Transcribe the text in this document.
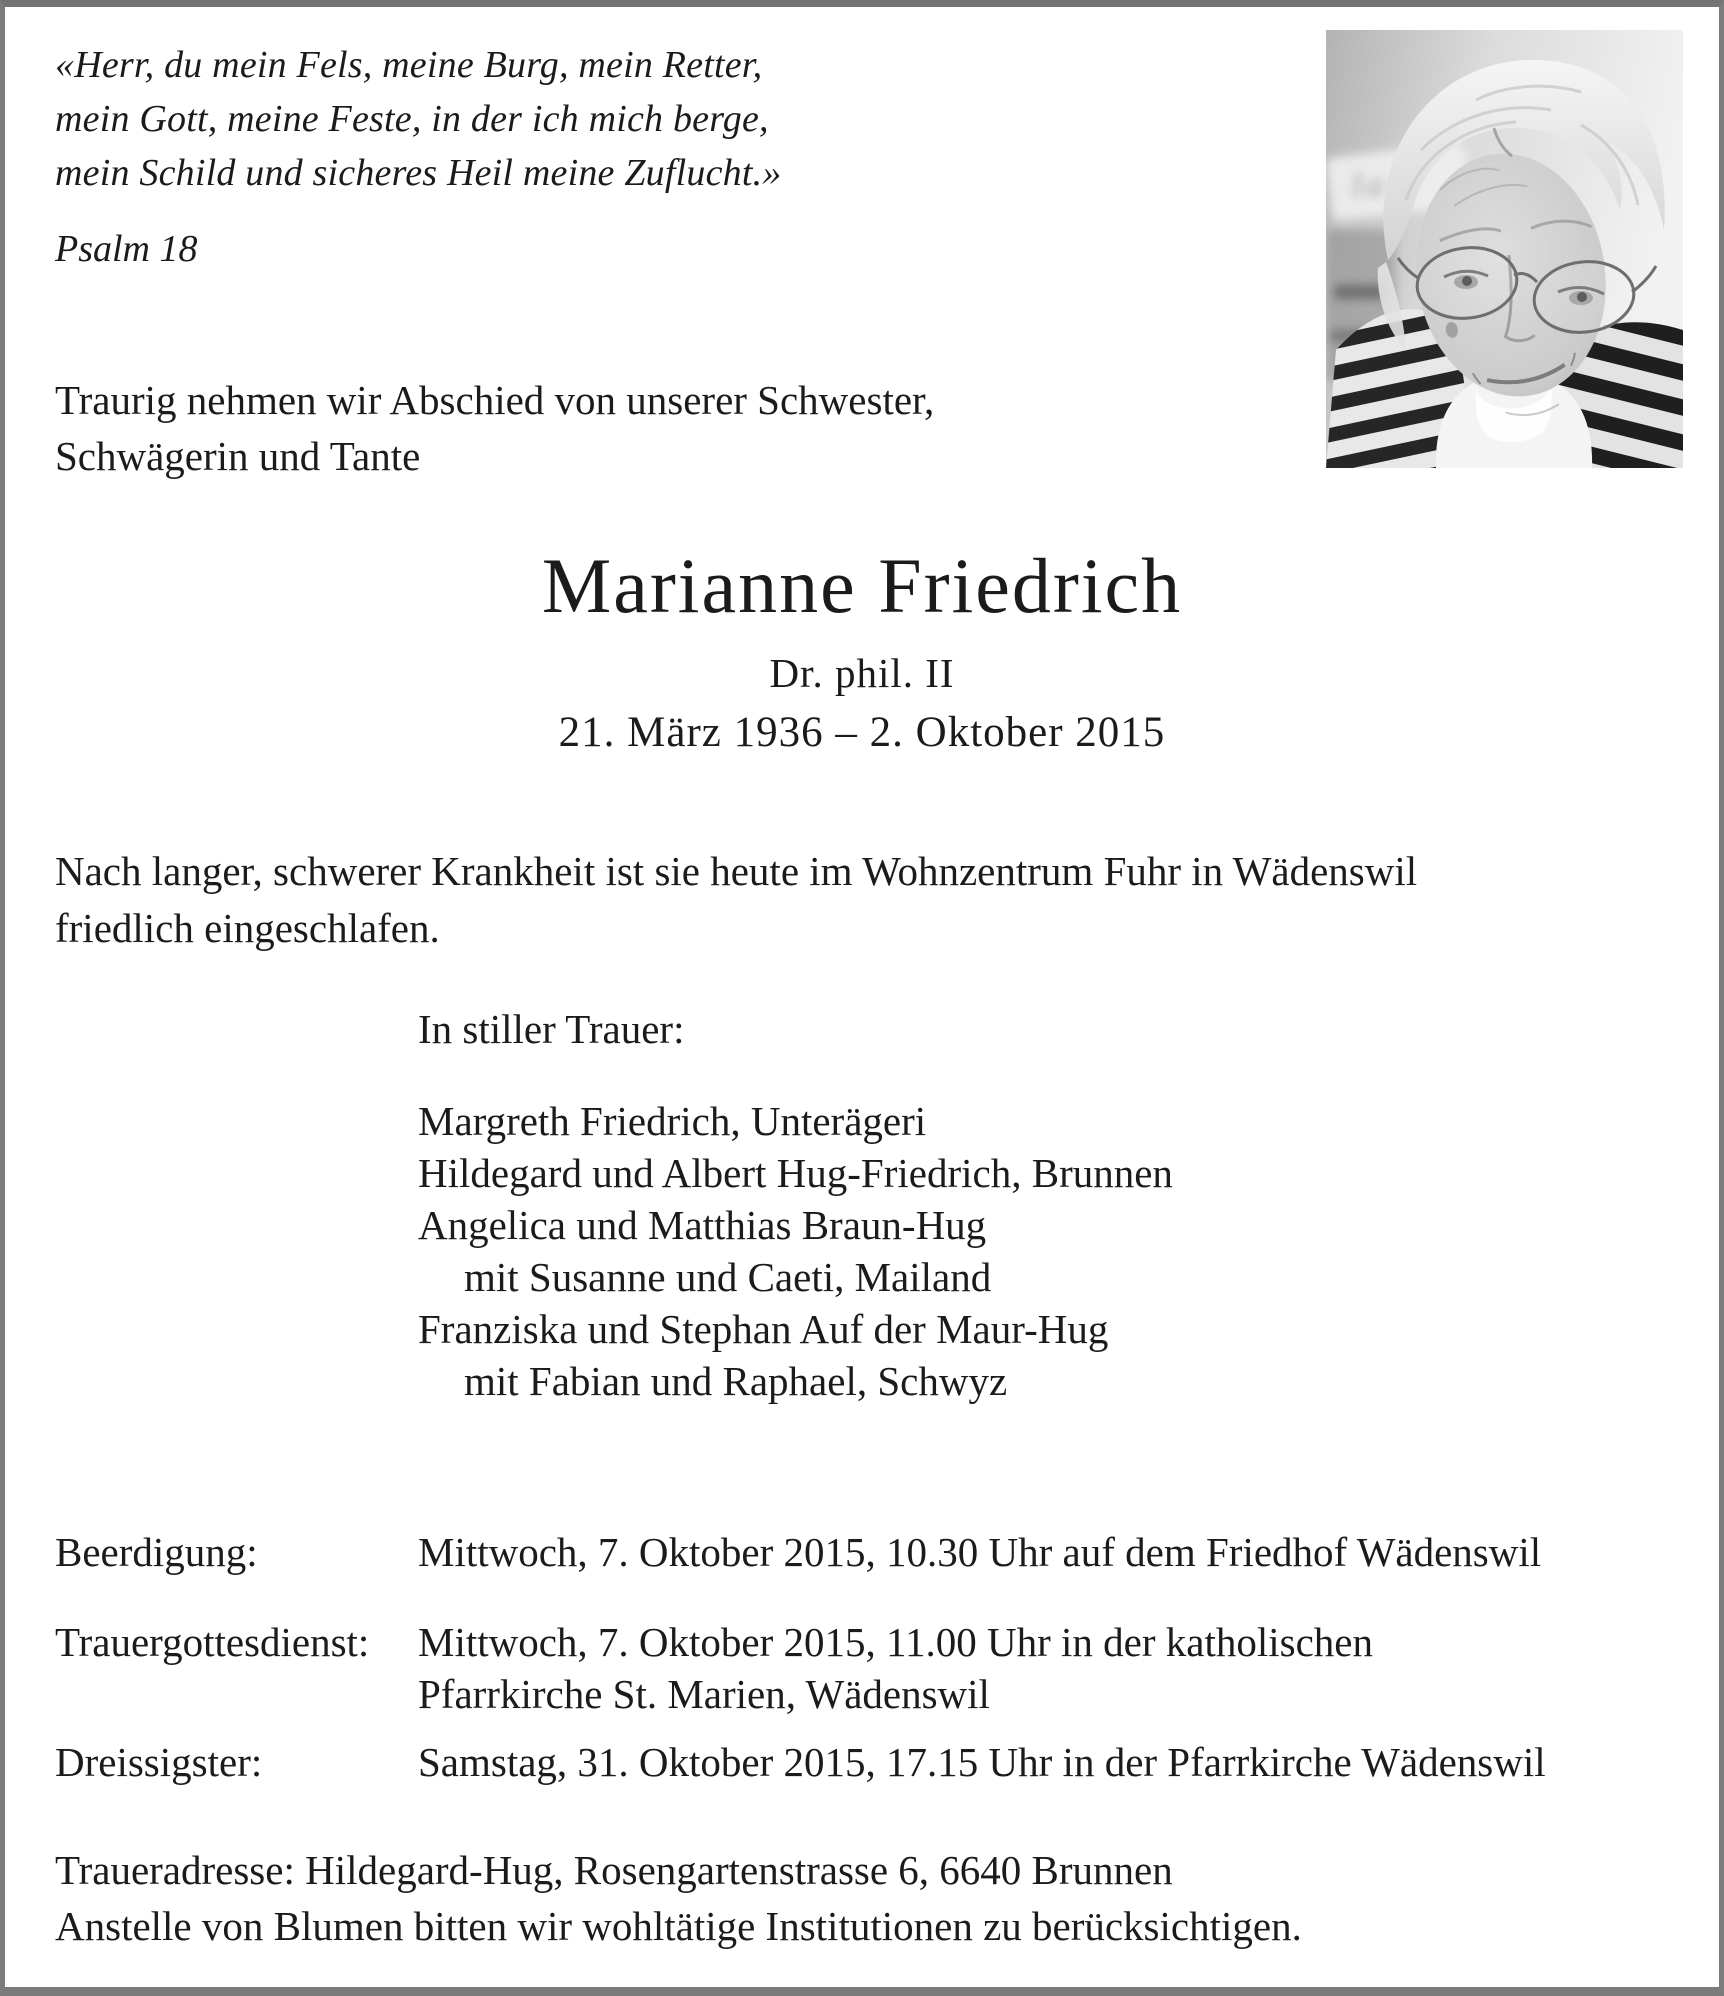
«Herr, du mein Fels, meine Burg, mein Retter,
mein Gott, meine Feste, in der ich mich berge,
mein Schild und sicheres Heil meine Zuflucht.»
Psalm 18
1a
Traurig nehmen wir Abschied von unserer Schwester,
Schwägerin und Tante
Marianne Friedrich
Dr. phil. II
21. März 1936 – 2. Oktober 2015
Nach langer, schwerer Krankheit ist sie heute im Wohnzentrum Fuhr in Wädenswil
friedlich eingeschlafen.
In stiller Trauer:
Margreth Friedrich, Unterägeri
Hildegard und Albert Hug-Friedrich, Brunnen
Angelica und Matthias Braun-Hug
mit Susanne und Caeti, Mailand
Franziska und Stephan Auf der Maur-Hug
mit Fabian und Raphael, Schwyz
Beerdigung:	Mittwoch, 7. Oktober 2015, 10.30 Uhr auf dem Friedhof Wädenswil
Trauergottesdienst: Mittwoch, 7. Oktober 2015, 11.00 Uhr in der katholischen
Pfarrkirche St. Marien, Wädenswil
Dreissigster:	Samstag, 31. Oktober 2015, 17.15 Uhr in der Pfarrkirche Wädenswil
Traueradresse: Hildegard-Hug, Rosengartenstrasse 6, 6640 Brunnen
Anstelle von Blumen bitten wir wohltätige Institutionen zu berücksichtigen.
